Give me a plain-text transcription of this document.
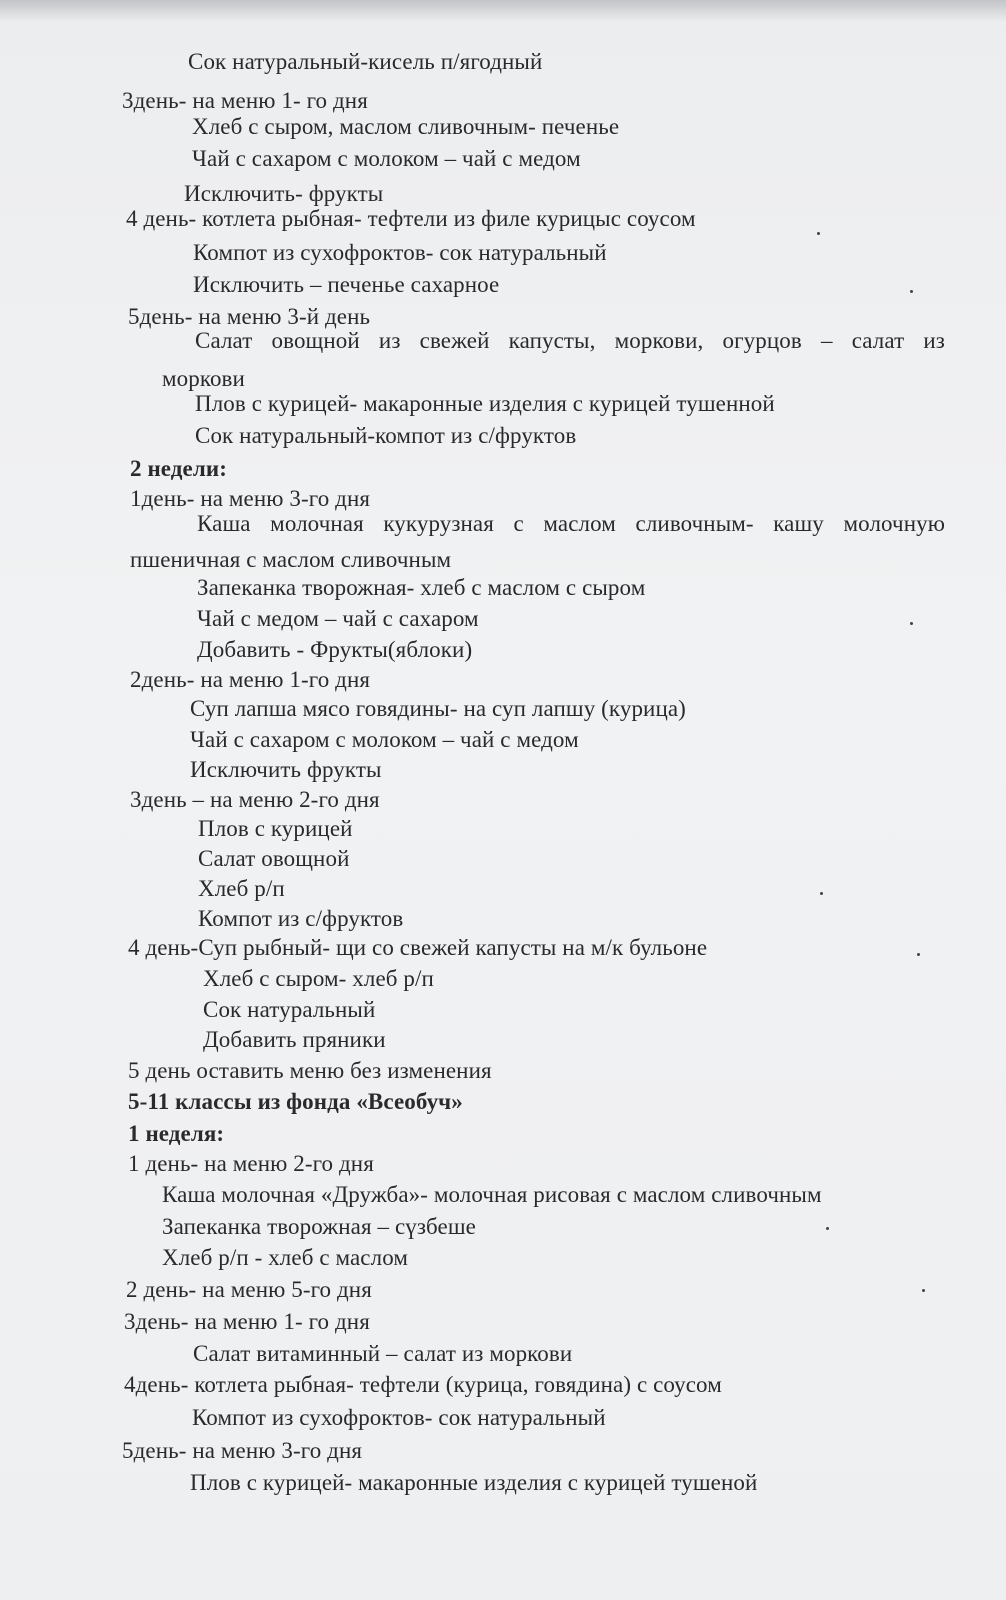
Сок натуральный-кисель п/ягодный
3день- на меню 1- го дня
Хлеб с сыром, маслом сливочным- печенье
Чай с сахаром с молоком – чай с медом
Исключить- фрукты
4 день- котлета рыбная- тефтели из филе курицыс соусом
Компот из сухофроктов- сок натуральный
Исключить – печенье сахарное
5день- на меню 3-й день
Салат овощной из свежей капусты, моркови, огурцов – салат из
моркови
Плов с курицей- макаронные изделия с курицей тушенной
Сок натуральный-компот из с/фруктов
2 недели:
1день- на меню 3-го дня
Каша молочная кукурузная с маслом сливочным- кашу молочную
пшеничная с маслом сливочным
Запеканка творожная- хлеб с маслом с сыром
Чай с медом – чай с сахаром
Добавить - Фрукты(яблоки)
2день- на меню 1-го дня
Суп лапша мясо говядины- на суп лапшу (курица)
Чай с сахаром с молоком – чай с медом
Исключить фрукты
3день – на меню 2-го дня
Плов с курицей
Салат овощной
Хлеб р/п
Компот из с/фруктов
4 день-Суп рыбный- щи со свежей капусты на м/к бульоне
Хлеб с сыром- хлеб р/п
Сок натуральный
Добавить пряники
5 день оставить меню без изменения
5-11 классы из фонда «Всеобуч»
1 неделя:
1 день- на меню 2-го дня
Каша молочная «Дружба»- молочная рисовая с маслом сливочным
Запеканка творожная – сүзбеше
Хлеб р/п - хлеб с маслом
2 день- на меню 5-го дня
3день- на меню 1- го дня
Салат витаминный – салат из моркови
4день- котлета рыбная- тефтели (курица, говядина) с соусом
Компот из сухофроктов- сок натуральный
5день- на меню 3-го дня
Плов с курицей- макаронные изделия с курицей тушеной
